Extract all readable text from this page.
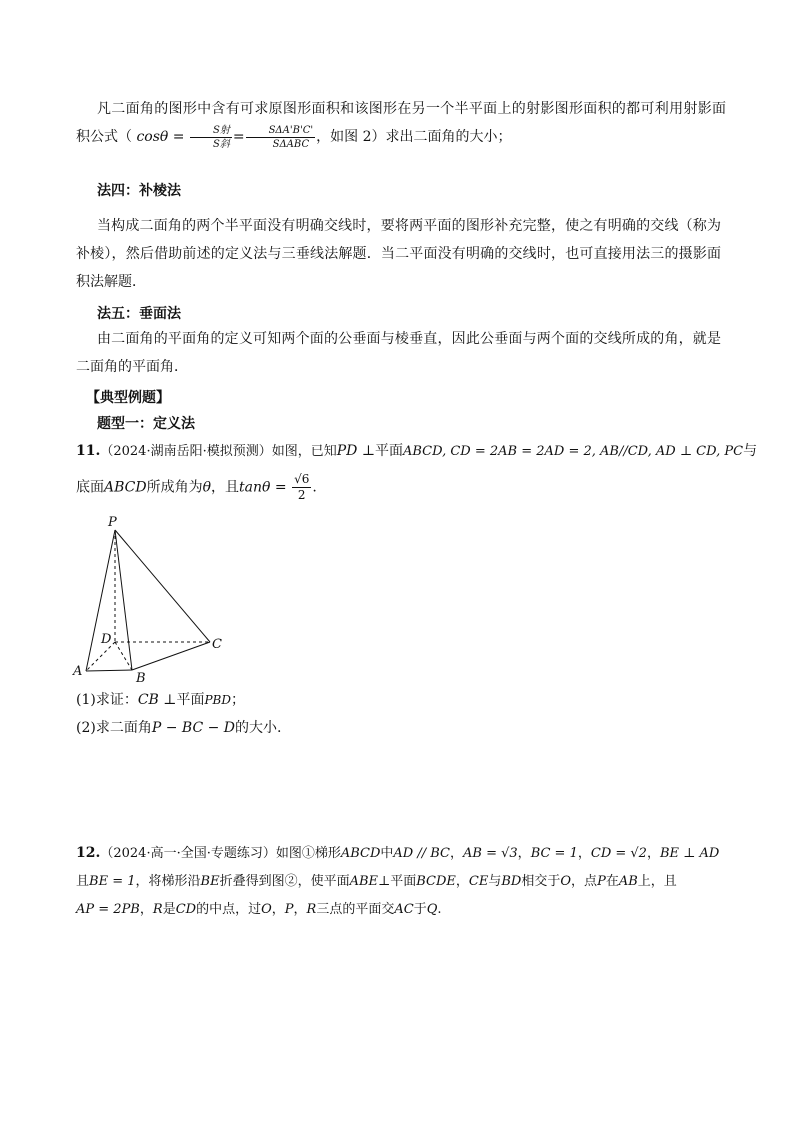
凡二面角的图形中含有可求原图形面积和该图形在另一个半平面上的射影图形面积的都可利用射影面积公式（ $\cos\theta = \frac{\text{S射}}{\text{S斜}} = \frac{\text{SΔA'B'C'}}{\text{SΔABC}}$ ，如图 2）求出二面角的大小；
法四：补棱法

当构成二面角的两个半平面没有明确交线时，要将两平面的图形补充完整，使之有明确的交线（称为补棱），然后借助前述的定义法与三垂线法解题．当二平面没有明确的交线时，也可直接用法三的摄影面积法解题．

法五：垂面法

由二面角的平面角的定义可知两个面的公垂面与棱垂直，因此公垂面与两个面的交线所成的角，就是二面角的平面角．

【典型例题】
题型一：定义法
11.（2024·湖南岳阳·模拟预测）如图，已知PD ⊥平面ABCD, CD = 2AB = 2AD = 2, AB//CD, AD ⊥ CD, PC与
底面ABCD所成角为θ，且$\tan\theta = \frac{√6}{2}$ .
P
D	C
A	B
(1)求证：CB ⊥平面PBD；
(2)求二面角P − BC − D的大小.
12.（2024·高一·全国·专题练习）如图①梯形ABCD中AD // BC，AB = √3，BC = 1，CD = √2，BE ⊥ AD
且BE = 1，将梯形沿BE折叠得到图②，使平面ABE⊥平面BCDE，CE与BD相交于O，点P在AB上，且
AP = 2PB，R是CD的中点，过O，P，R三点的平面交AC于Q.
